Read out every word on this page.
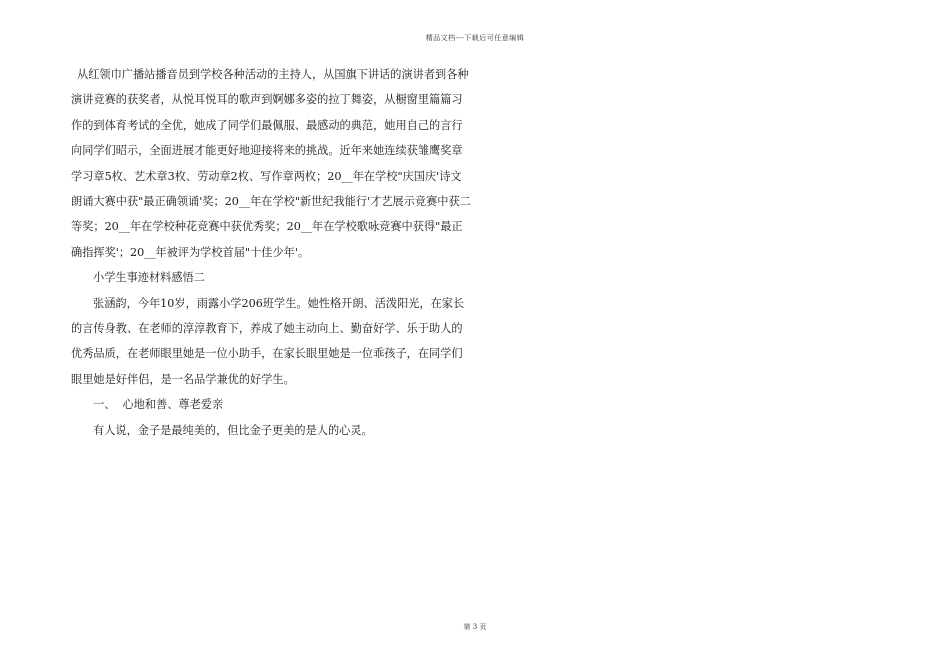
精品文档---下载后可任意编辑

从红领巾广播站播音员到学校各种活动的主持人，从国旗下讲话的演讲者到各种演讲竞赛的获奖者，从悦耳悦耳的歌声到婀娜多姿的拉丁舞姿，从橱窗里篇篇习作的到体育考试的全优，她成了同学们最佩服、最感动的典范，她用自己的言行向同学们昭示，全面进展才能更好地迎接将来的挑战。近年来她连续获雏鹰奖章学习章5枚、艺术章3枚、劳动章2枚、写作章两枚；20__年在学校"庆国庆'诗文朗诵大赛中获"最正确领诵'奖；20__年在学校"新世纪我能行'才艺展示竞赛中获二等奖；20__年在学校种花竞赛中获优秀奖；20__年在学校歌咏竞赛中获得"最正确指挥奖'；20__年被评为学校首届"十佳少年'。

小学生事迹材料感悟二

张涵韵，今年10岁，雨露小学206班学生。她性格开朗、活泼阳光，在家长的言传身教、在老师的淳淳教育下，养成了她主动向上、勤奋好学、乐于助人的优秀品质，在老师眼里她是一位小助手，在家长眼里她是一位乖孩子，在同学们眼里她是好伴侣，是一名品学兼优的好学生。

一、  心地和善、尊老爱亲

有人说，金子是最纯美的，但比金子更美的是人的心灵。

第 3 页
